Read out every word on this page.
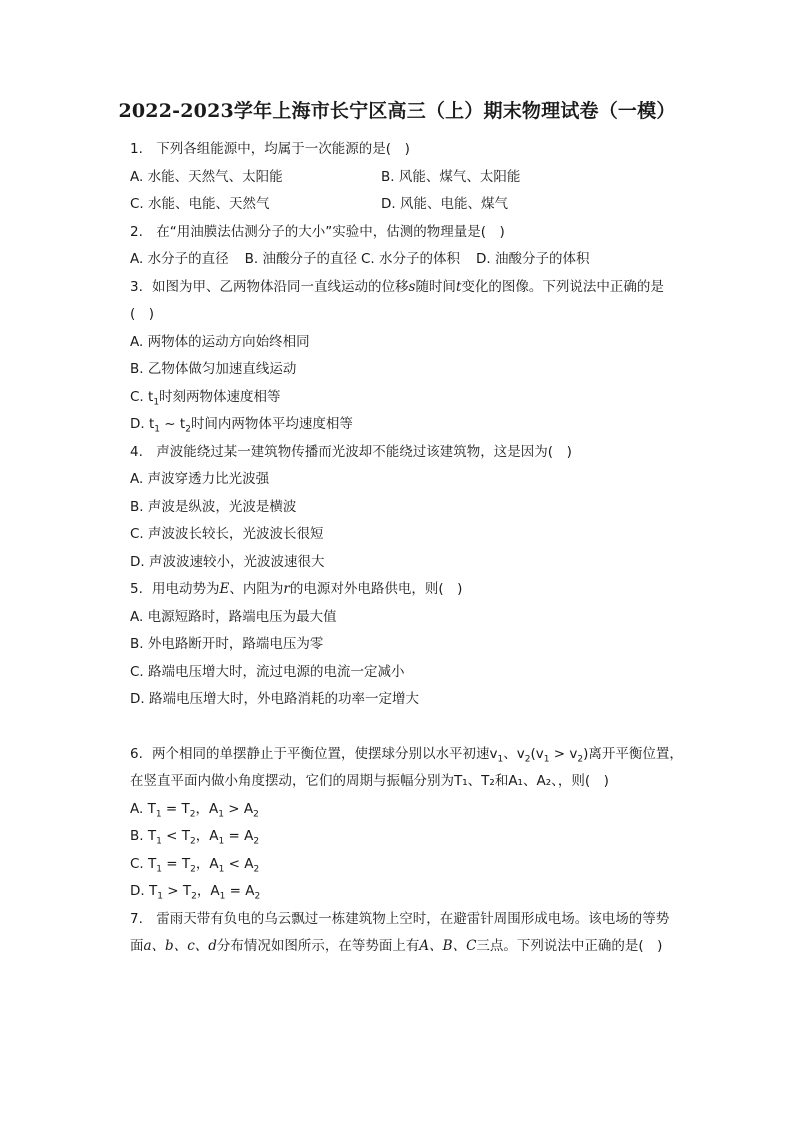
2022-2023学年上海市长宁区高三（上）期末物理试卷（一模）
1. 下列各组能源中，均属于一次能源的是(　)
A. 水能、天然气、太阳能	B. 风能、煤气、太阳能
C. 水能、电能、天然气	D. 风能、电能、煤气
2. 在“用油膜法估测分子的大小”实验中，估测的物理量是(　)
A. 水分子的直径 B. 油酸分子的直径 C. 水分子的体积 D. 油酸分子的体积
3. 如图为甲、乙两物体沿同一直线运动的位移s随时间t变化的图像。下列说法中正确的是
(　)
A. 两物体的运动方向始终相同
B. 乙物体做匀加速直线运动
C. $t_1$时刻两物体速度相等
D. $t_1$ ~ $t_2$时间内两物体平均速度相等
4. 声波能绕过某一建筑物传播而光波却不能绕过该建筑物，这是因为(　)
A. 声波穿透力比光波强
B. 声波是纵波，光波是横波
C. 声波波长较长，光波波长很短
D. 声波波速较小，光波波速很大
5. 用电动势为E、内阻为r的电源对外电路供电，则(　)
A. 电源短路时，路端电压为最大值
B. 外电路断开时，路端电压为零
C. 路端电压增大时，流过电源的电流一定减小
D. 路端电压增大时，外电路消耗的功率一定增大
6. 两个相同的单摆静止于平衡位置，使摆球分别以水平初速$v_1$、$v_2(v_1 > v_2)$离开平衡位置，
在竖直平面内做小角度摆动，它们的周期与振幅分别为T₁、T₂和A₁、A₂、，则(　)
A. $T_1 = T_2$，$A_1 > A_2$
B. $T_1 < T_2$，$A_1 = A_2$
C. $T_1 = T_2$，$A_1 < A_2$
D. $T_1 > T_2$，$A_1 = A_2$
7. 雷雨天带有负电的乌云飘过一栋建筑物上空时，在避雷针周围形成电场。该电场的等势
面a、b、c、d分布情况如图所示，在等势面上有A、B、C三点。下列说法中正确的是(　)
